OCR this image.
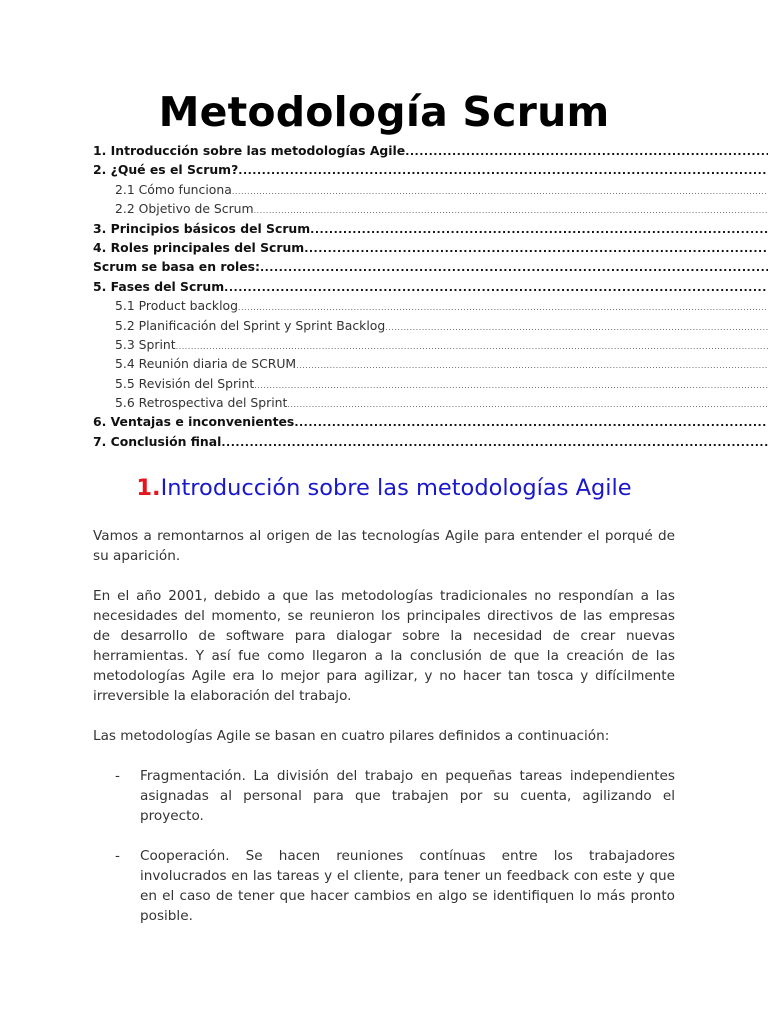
Metodología Scrum
1. Introducción sobre las metodologías Agile
.....
2. ¿Qué es el Scrum?
.....
2.1 Cómo funciona
.....
2.2 Objetivo de Scrum
.....
3. Principios básicos del Scrum
.....
4. Roles principales del Scrum
.....
Scrum se basa en roles:
.....
5. Fases del Scrum
.....
5.1 Product backlog
.....
5.2 Planificación del Sprint y Sprint Backlog
.....
5.3 Sprint
.....
5.4 Reunión diaria de SCRUM
.....
5.5 Revisión del Sprint
.....
5.6 Retrospectiva del Sprint
.....
6. Ventajas e inconvenientes
.....
7. Conclusión final
.....
1.Introducción sobre las metodologías Agile

Vamos a remontarnos al origen de las tecnologías Agile para entender el porqué de su aparición.

En el año 2001, debido a que las metodologías tradicionales no respondían a las necesidades del momento, se reunieron los principales directivos de las empresas de desarrollo de software para dialogar sobre la necesidad de crear nuevas herramientas. Y así fue como llegaron a la conclusión de que la creación de las metodologías Agile era lo mejor para agilizar, y no hacer tan tosca y difícilmente irreversible la elaboración del trabajo.

Las metodologías Agile se basan en cuatro pilares definidos a continuación:

- Fragmentación. La división del trabajo en pequeñas tareas independientes asignadas al personal para que trabajen por su cuenta, agilizando el proyecto.
- Cooperación. Se hacen reuniones contínuas entre los trabajadores involucrados en las tareas y el cliente, para tener un feedback con este y que en el caso de tener que hacer cambios en algo se identifiquen lo más pronto posible.
